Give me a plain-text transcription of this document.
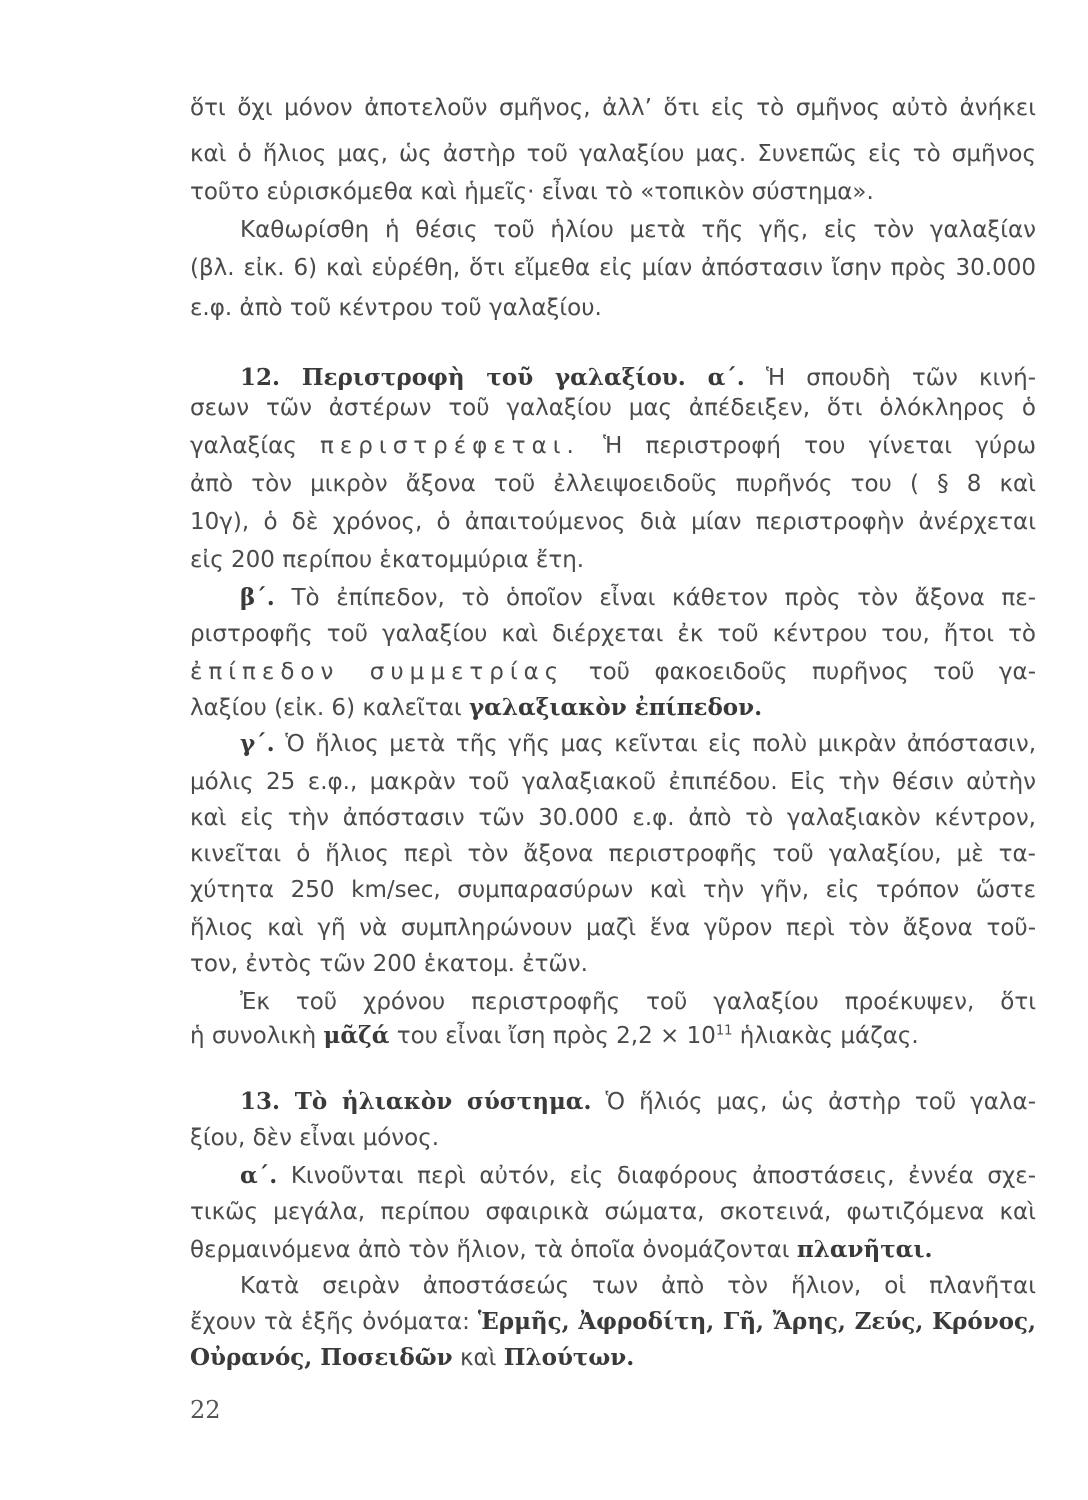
ὅτι ὄχι μόνον ἀποτελοῦν σμῆνος, ἀλλ’ ὅτι εἰς τὸ σμῆνος αὐτὸ ἀνήκει
καὶ ὁ ἥλιος μας, ὡς ἀστὴρ τοῦ γαλαξίου μας. Συνεπῶς εἰς τὸ σμῆνος
τοῦτο εὑρισκόμεθα καὶ ἡμεῖς· εἶναι τὸ «τοπικὸν σύστημα».
Καθωρίσθη ἡ θέσις τοῦ ἡλίου μετὰ τῆς γῆς, εἰς τὸν γαλαξίαν
(βλ. εἰκ. 6) καὶ εὑρέθη, ὅτι εἴμεθα εἰς μίαν ἀπόστασιν ἴσην πρὸς 30.000
ε.φ. ἀπὸ τοῦ κέντρου τοῦ γαλαξίου.
12. Περιστροφὴ τοῦ γαλαξίου. α΄. Ἡ σπουδὴ τῶν κινή-
σεων τῶν ἀστέρων τοῦ γαλαξίου μας ἀπέδειξεν, ὅτι ὁλόκληρος ὁ
γαλαξίας περιστρέφεται. Ἡ περιστροφή του γίνεται γύρω
ἀπὸ τὸν μικρὸν ἄξονα τοῦ ἐλλειψοειδοῦς πυρῆνός του ( § 8 καὶ
10γ), ὁ δὲ χρόνος, ὁ ἀπαιτούμενος διὰ μίαν περιστροφὴν ἀνέρχεται
εἰς 200 περίπου ἑκατομμύρια ἔτη.
β΄. Τὸ ἐπίπεδον, τὸ ὁποῖον εἶναι κάθετον πρὸς τὸν ἄξονα πε-
ριστροφῆς τοῦ γαλαξίου καὶ διέρχεται ἐκ τοῦ κέντρου του, ἤτοι τὸ
ἐπίπεδον συμμετρίας τοῦ φακοειδοῦς πυρῆνος τοῦ γα-
λαξίου (εἰκ. 6) καλεῖται γαλαξιακὸν ἐπίπεδον.
γ΄. Ὁ ἥλιος μετὰ τῆς γῆς μας κεῖνται εἰς πολὺ μικρὰν ἀπόστασιν,
μόλις 25 ε.φ., μακρὰν τοῦ γαλαξιακοῦ ἐπιπέδου. Εἰς τὴν θέσιν αὐτὴν
καὶ εἰς τὴν ἀπόστασιν τῶν 30.000 ε.φ. ἀπὸ τὸ γαλαξιακὸν κέντρον,
κινεῖται ὁ ἥλιος περὶ τὸν ἄξονα περιστροφῆς τοῦ γαλαξίου, μὲ τα-
χύτητα 250 km/sec, συμπαρασύρων καὶ τὴν γῆν, εἰς τρόπον ὥστε
ἥλιος καὶ γῆ νὰ συμπληρώνουν μαζὶ ἕνα γῦρον περὶ τὸν ἄξονα τοῦ-
τον, ἐντὸς τῶν 200 ἑκατομ. ἐτῶν.
Ἐκ τοῦ χρόνου περιστροφῆς τοῦ γαλαξίου προέκυψεν, ὅτι
ἡ συνολικὴ μᾶζά του εἶναι ἴση πρὸς $2,2 \times 10^{11}$ ἡλιακὰς μάζας.
13. Τὸ ἡλιακὸν σύστημα. Ὁ ἥλιός μας, ὡς ἀστὴρ τοῦ γαλα-
ξίου, δὲν εἶναι μόνος.
α΄. Κινοῦνται περὶ αὐτόν, εἰς διαφόρους ἀποστάσεις, ἐννέα σχε-
τικῶς μεγάλα, περίπου σφαιρικὰ σώματα, σκοτεινά, φωτιζόμενα καὶ
θερμαινόμενα ἀπὸ τὸν ἥλιον, τὰ ὁποῖα ὀνομάζονται πλανῆται.
Κατὰ σειρὰν ἀποστάσεώς των ἀπὸ τὸν ἥλιον, οἱ πλανῆται
ἔχουν τὰ ἑξῆς ὀνόματα: Ἑρμῆς, Ἀφροδίτη, Γῆ, Ἄρης, Ζεύς, Κρόνος,
Οὐρανός, Ποσειδῶν καὶ Πλούτων.
22
